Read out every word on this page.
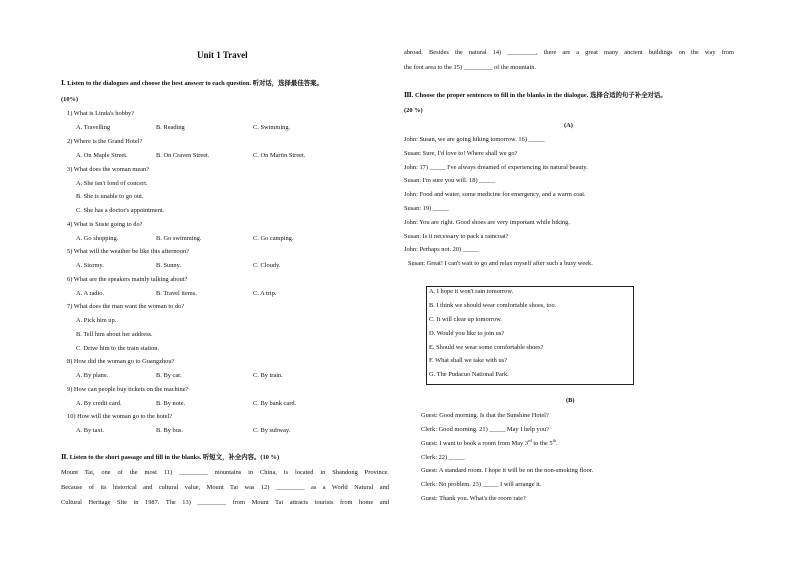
Unit 1 Travel
Ⅰ. Listen to the dialogues and choose the best answer to each question. 听对话，选择最佳答案。
(10%)
1) What is Linda's hobby?
A. Travelling	B. Reading	C. Swimming.
2) Where is the Grand Hotel?
A. On Maple Street.	B. On Craven Street.	C. On Martin Street.
3) What does the woman mean?
A. She isn't fond of concert.
B. She is unable to go out.
C. She has a doctor's appointment.
4) What is Susie going to do?
A. Go shopping.	B. Go swimming.	C. Go camping.
5) What will the weather be like this afternoon?
A. Stormy.	B. Sunny.	C. Cloudy.
6) What are the speakers mainly talking about?
A. A radio.	B. Travel items.	C. A trip.
7) What does the man want the woman to do?
A. Pick him up.
B. Tell him about her address.
C. Drive him to the train station.
8) How did the woman go to Guangzhou?
A. By plane.	B. By car.	C. By train.
9) How can people buy tickets on the machine?
A. By credit card.	B. By note.	C. By bank card.
10) How will the woman go to the hotel?
A. By taxi.	B. By bus.	C. By subway.
Ⅱ. Listen to the short passage and fill in the blanks. 听短文，补全内容。(10 %)
Mount Tai, one of the most 11) _________ mountains in China, is located in Shandong Province.
Because of its historical and cultural value, Mount Tai was 12) _________ as a World Natural and
Cultural Heritage Site in 1987. The 13) _________ from Mount Tai attracts tourists from home and
abroad. Besides the natural 14) _________, there are a great many ancient buildings on the way from
the foot area to the 15) _________ of the mountain.
Ⅲ. Choose the proper sentences to fill in the blanks in the dialogue. 选择合适的句子补全对话。
(20 %)
(A)
John: Susan, we are going hiking tomorrow. 16) _____
Susan: Sure, I'd love to! Where shall we go?
John: 17) _____ I've always dreamed of experiencing its natural beauty.
Susan: I'm sure you will. 18) _____
John: Food and water, some medicine for emergency, and a warm coat.
Susan: 19) _____
John: You are right. Good shoes are very important while hiking.
Susan: Is it necessary to pack a raincoat?
John: Perhaps not. 20) _____
Susan: Great! I can't wait to go and relax myself after such a busy week.
A. I hope it won't rain tomorrow.
B. I think we should wear comfortable shoes, too.
C. It will clear up tomorrow.
D. Would you like to join us?
E. Should we wear some comfortable shoes?
F. What shall we take with us?
G. The Pudacuo National Park.
(B)
Guest: Good morning. Is that the Sunshine Hotel?
Clerk: Good morning. 21) _____ May I help you?
Guest: I want to book a room from May 3rd to the 5th.
Clerk: 22) _____
Guest: A standard room. I hope it will be on the non-smoking floor.
Clerk: No problem. 23) _____ I will arrange it.
Guest: Thank you. What's the room rate?
